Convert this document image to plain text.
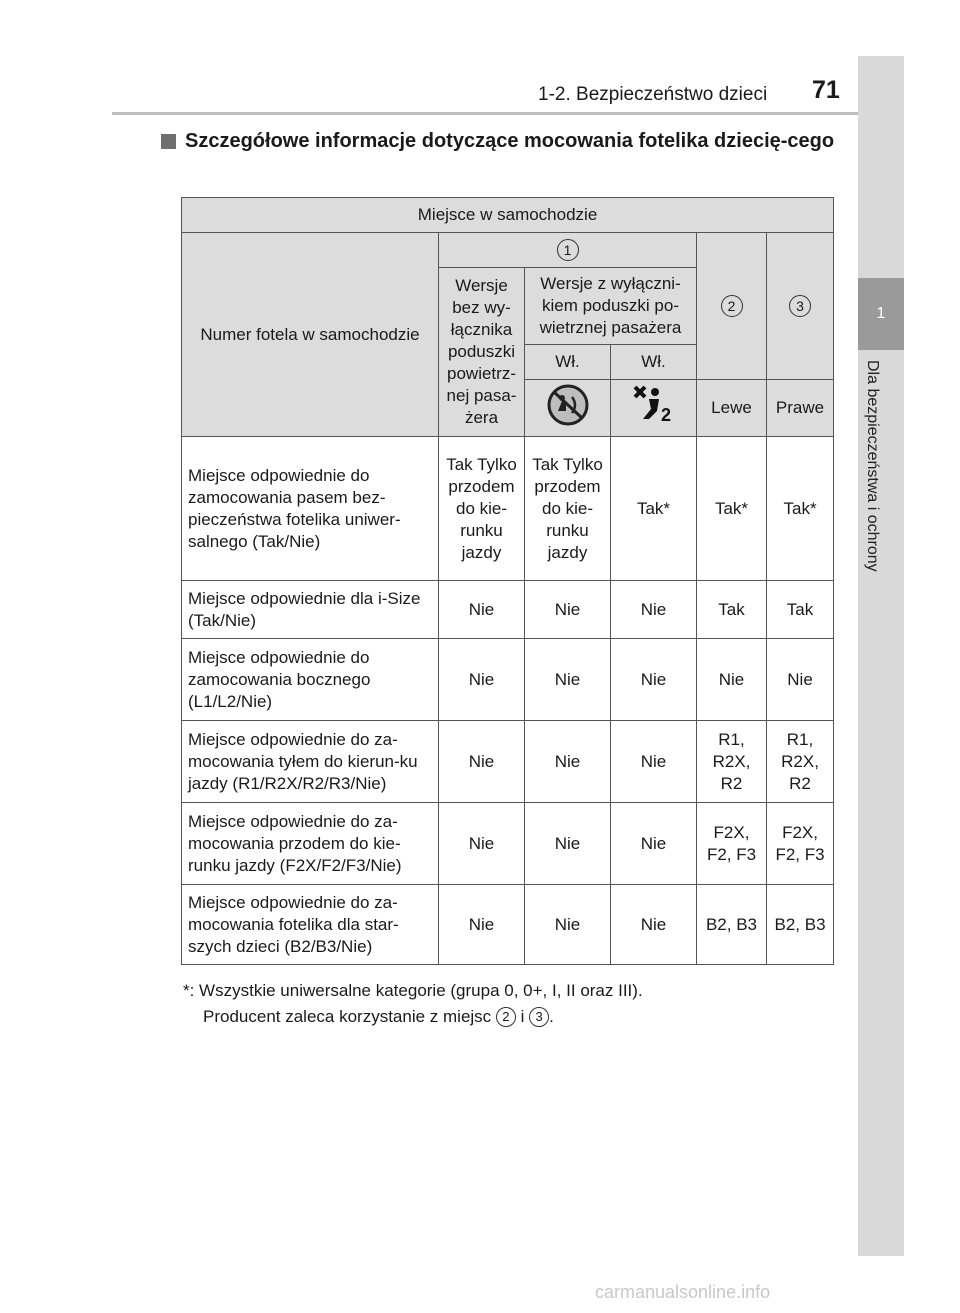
1-2. Bezpieczeństwo dzieci 71
1
Dla bezpieczeństwa i ochrony
Szczegółowe informacje dotyczące mocowania fotelika dziecię-cego
Miejsce w samochodzie					
Numer fotela w samochodzie	1			2	3
	Wersje bez wy-łącznika poduszki powietrz-nej pasa-żera	Wersje z wyłączni-kiem poduszki po-wietrznej pasażera			
		Wł.	Wł.		

2	Lewe	Prawe
Miejsce odpowiednie do zamocowania pasem bez-pieczeństwa fotelika uniwer-salnego (Tak/Nie)	Tak Tylko przodem do kie-runku jazdy	Tak Tylko przodem do kie-runku jazdy	Tak*	Tak*	Tak*
Miejsce odpowiednie dla i-Size (Tak/Nie)	Nie	Nie	Nie	Tak	Tak
Miejsce odpowiednie do zamocowania bocznego (L1/L2/Nie)	Nie	Nie	Nie	Nie	Nie
Miejsce odpowiednie do za-mocowania tyłem do kierun-ku jazdy (R1/R2X/R2/R3/Nie)	Nie	Nie	Nie	R1, R2X, R2	R1, R2X, R2
Miejsce odpowiednie do za-mocowania przodem do kie-runku jazdy (F2X/F2/F3/Nie)	Nie	Nie	Nie	F2X, F2, F3	F2X, F2, F3
Miejsce odpowiednie do za-mocowania fotelika dla star-szych dzieci (B2/B3/Nie)	Nie	Nie	Nie	B2, B3	B2, B3
*: Wszystkie uniwersalne kategorie (grupa 0, 0+, I, II oraz III).
Producent zaleca korzystanie z miejsc 2 i 3 .
carmanualsonline.info
